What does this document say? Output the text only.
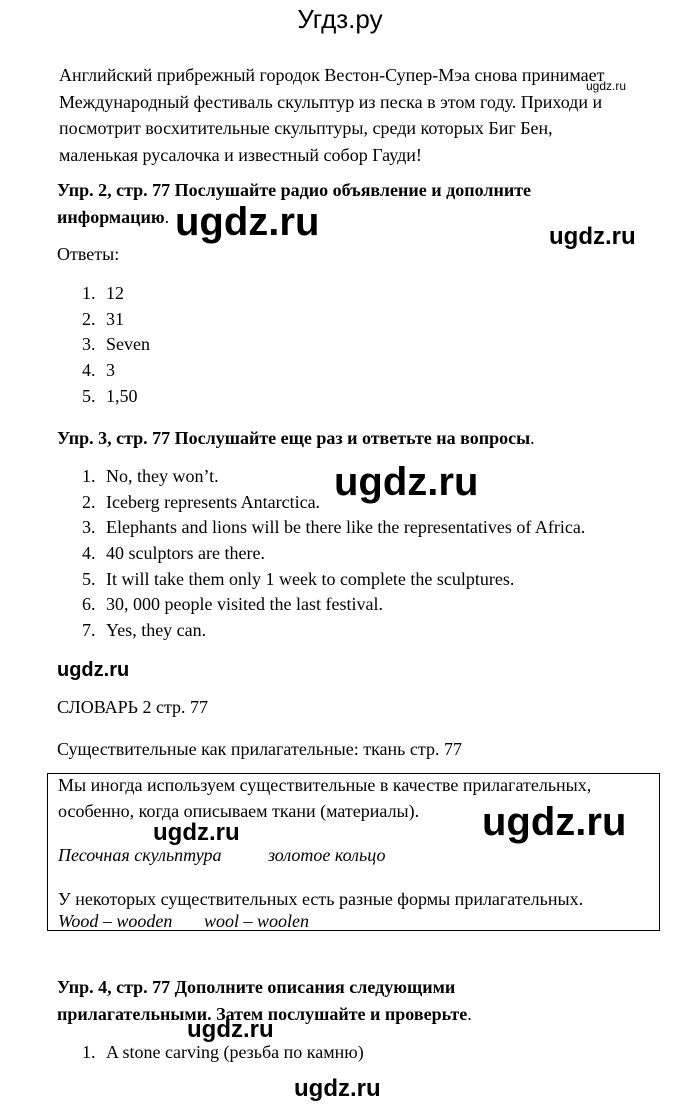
Угдз.ру
ugdz.ru
Английский прибрежный городок Вестон-Супер-Мэа снова принимает
Международный фестиваль скульптур из песка в этом году. Приходи и
посмотрит восхитительные скульптуры, среди которых Биг Бен,
маленькая русалочка и известный собор Гауди!
Упр. 2, стр. 77 Послушайте радио объявление и дополните
информацию. ugdz.ru	ugdz.ru
Ответы:
1. 12
2. 31
3. Seven
4. 3
5. 1,50
Упр. 3, стр. 77 Послушайте еще раз и ответьте на вопросы.
1. No, they won’t.
2. Iceberg represents Antarctica.
3. Elephants and lions will be there like the representatives of Africa.
4. 40 sculptors are there.
5. It will take them only 1 week to complete the sculptures.
6. 30, 000 people visited the last festival.
7. Yes, they can.
ugdz.ru
ugdz.ru
СЛОВАРЬ 2 стр. 77
Существительные как прилагательные: ткань стр. 77
Мы иногда используем существительные в качестве прилагательных,
особенно, когда описываем ткани (материалы). ugdz.ru
ugdz.ru
Песочная скульптура	золотое кольцо
У некоторых существительных есть разные формы прилагательных.
Wood – wooden wool – woolen
Упр. 4, стр. 77 Дополните описания следующими
прилагательными. Затем послушайте и проверьте.
ugdz.ru
1. A stone carving (резьба по камню)
ugdz.ru
